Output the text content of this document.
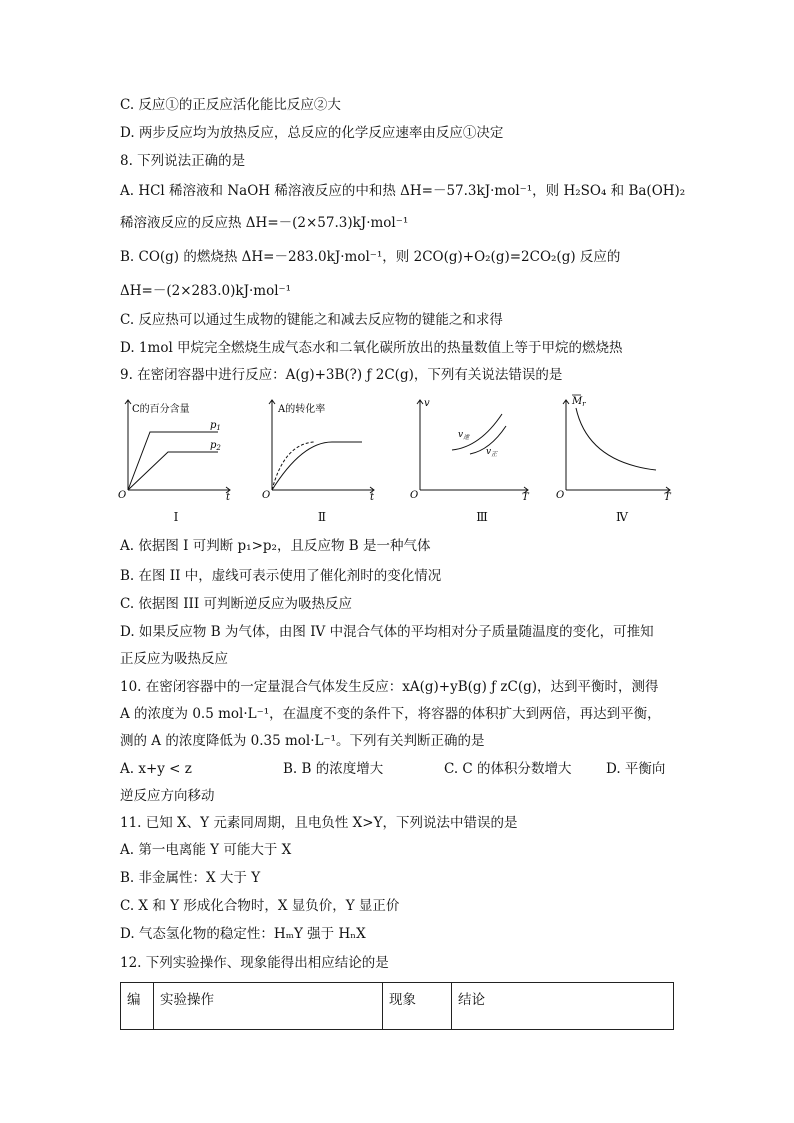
C. 反应①的正反应活化能比反应②大
D. 两步反应均为放热反应，总反应的化学反应速率由反应①决定
8. 下列说法正确的是
A. HCl 稀溶液和 NaOH 稀溶液反应的中和热 ΔH=－57.3kJ·mol⁻¹，则 H₂SO₄ 和 Ba(OH)₂
稀溶液反应的反应热 ΔH=－(2×57.3)kJ·mol⁻¹
B. CO(g) 的燃烧热 ΔH=－283.0kJ·mol⁻¹，则 2CO(g)+O₂(g)=2CO₂(g) 反应的
ΔH=－(2×283.0)kJ·mol⁻¹
C. 反应热可以通过生成物的键能之和减去反应物的键能之和求得
D. 1mol 甲烷完全燃烧生成气态水和二氧化碳所放出的热量数值上等于甲烷的燃烧热
9. 在密闭容器中进行反应：A(g)+3B(?) ƒ 2C(g)，下列有关说法错误的是
C的百分含量
$p_1$
$p_2$
O	t
I
A的转化率
O	t
Ⅱ
v
$v_逆$
$v_正$
O	T
Ⅲ
$M_r$
O	T
Ⅳ
A. 依据图 I 可判断 p₁>p₂，且反应物 B 是一种气体
B. 在图 II 中，虚线可表示使用了催化剂时的变化情况
C. 依据图 III 可判断逆反应为吸热反应
D. 如果反应物 B 为气体，由图 IV 中混合气体的平均相对分子质量随温度的变化，可推知
正反应为吸热反应
10. 在密闭容器中的一定量混合气体发生反应：xA(g)+yB(g) ƒ zC(g)，达到平衡时，测得
A 的浓度为 0.5 mol·L⁻¹，在温度不变的条件下，将容器的体积扩大到两倍，再达到平衡，
测的 A 的浓度降低为 0.35 mol·L⁻¹。下列有关判断正确的是
A. x+y < z	B. B 的浓度增大	C. C 的体积分数增大	D. 平衡向
逆反应方向移动
11. 已知 X、Y 元素同周期，且电负性 X>Y，下列说法中错误的是
A. 第一电离能 Y 可能大于 X
B. 非金属性：X 大于 Y
C. X 和 Y 形成化合物时，X 显负价，Y 显正价
D. 气态氢化物的稳定性：HₘY 强于 HₙX
12. 下列实验操作、现象能得出相应结论的是
编	实验操作	现象	结论
